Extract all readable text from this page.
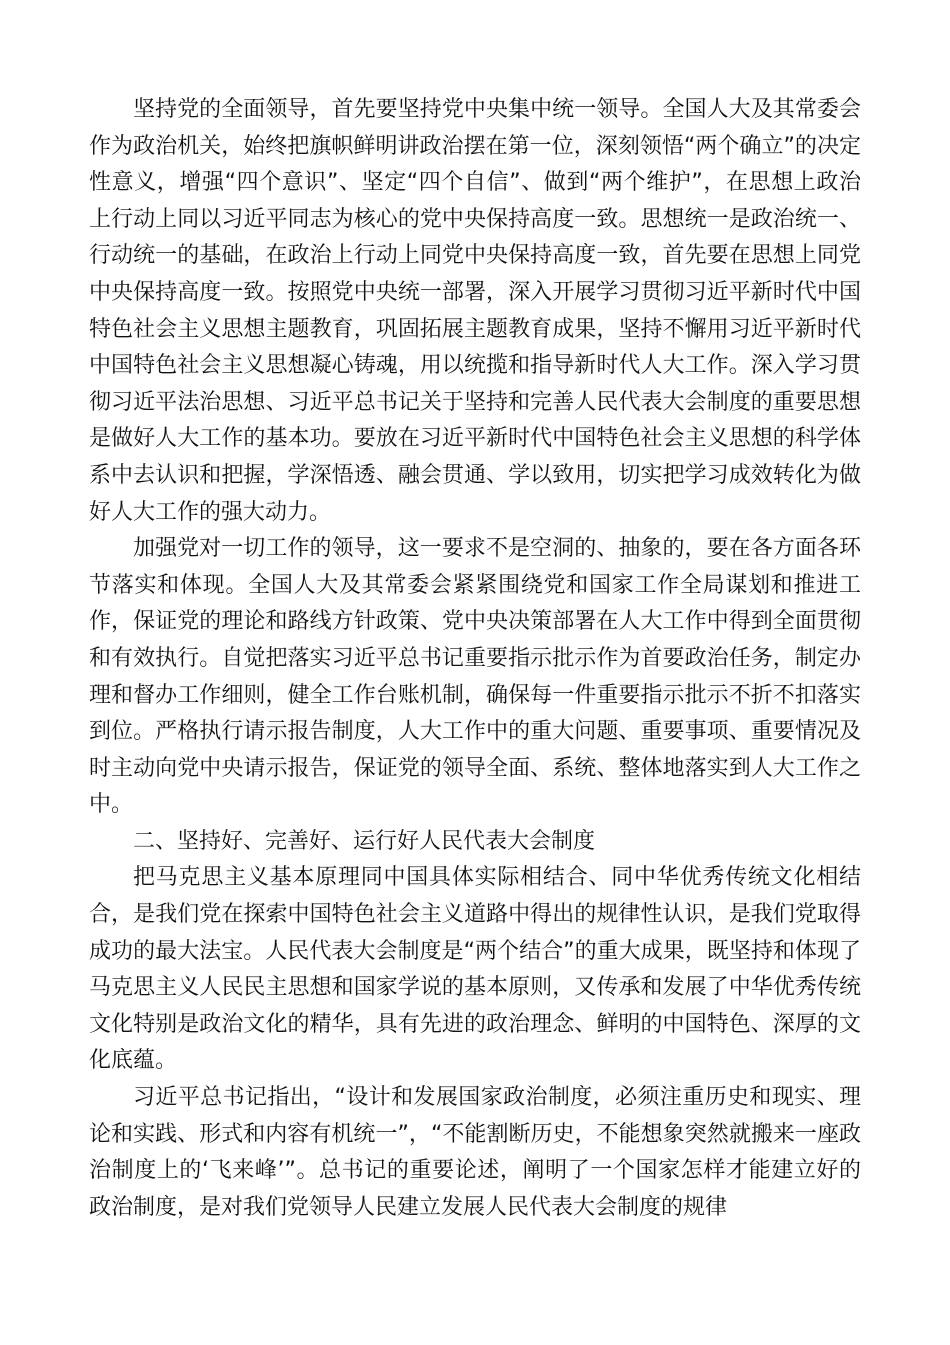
坚持党的全面领导，首先要坚持党中央集中统一领导。全国人大及其常委会作为政治机关，始终把旗帜鲜明讲政治摆在第一位，深刻领悟“两个确立”的决定性意义，增强“四个意识”、坚定“四个自信”、做到“两个维护”，在思想上政治上行动上同以习近平同志为核心的党中央保持高度一致。思想统一是政治统一、行动统一的基础，在政治上行动上同党中央保持高度一致，首先要在思想上同党中央保持高度一致。按照党中央统一部署，深入开展学习贯彻习近平新时代中国特色社会主义思想主题教育，巩固拓展主题教育成果，坚持不懈用习近平新时代中国特色社会主义思想凝心铸魂，用以统揽和指导新时代人大工作。深入学习贯彻习近平法治思想、习近平总书记关于坚持和完善人民代表大会制度的重要思想是做好人大工作的基本功。要放在习近平新时代中国特色社会主义思想的科学体系中去认识和把握，学深悟透、融会贯通、学以致用，切实把学习成效转化为做好人大工作的强大动力。

加强党对一切工作的领导，这一要求不是空洞的、抽象的，要在各方面各环节落实和体现。全国人大及其常委会紧紧围绕党和国家工作全局谋划和推进工作，保证党的理论和路线方针政策、党中央决策部署在人大工作中得到全面贯彻和有效执行。自觉把落实习近平总书记重要指示批示作为首要政治任务，制定办理和督办工作细则，健全工作台账机制，确保每一件重要指示批示不折不扣落实到位。严格执行请示报告制度，人大工作中的重大问题、重要事项、重要情况及时主动向党中央请示报告，保证党的领导全面、系统、整体地落实到人大工作之中。

二、坚持好、完善好、运行好人民代表大会制度

把马克思主义基本原理同中国具体实际相结合、同中华优秀传统文化相结合，是我们党在探索中国特色社会主义道路中得出的规律性认识，是我们党取得成功的最大法宝。人民代表大会制度是“两个结合”的重大成果，既坚持和体现了马克思主义人民民主思想和国家学说的基本原则，又传承和发展了中华优秀传统文化特别是政治文化的精华，具有先进的政治理念、鲜明的中国特色、深厚的文化底蕴。

习近平总书记指出，“设计和发展国家政治制度，必须注重历史和现实、理论和实践、形式和内容有机统一”，“不能割断历史，不能想象突然就搬来一座政治制度上的‘飞来峰’”。总书记的重要论述，阐明了一个国家怎样才能建立好的政治制度，是对我们党领导人民建立发展人民代表大会制度的规律
